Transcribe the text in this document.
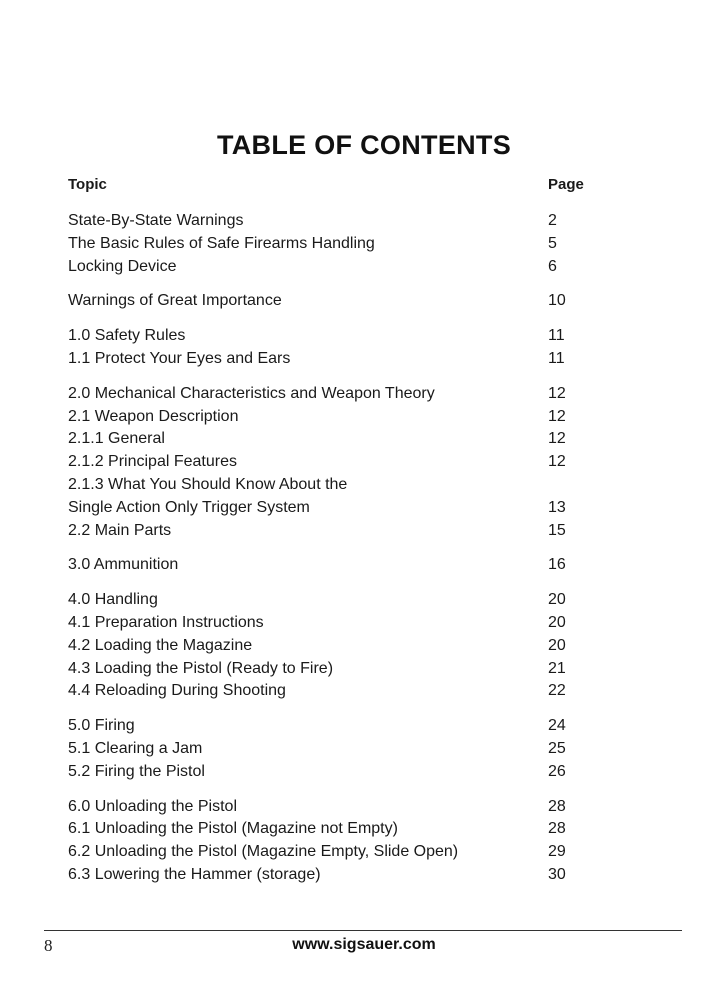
TABLE OF CONTENTS
Topic	Page
State-By-State Warnings	2
The Basic Rules of Safe Firearms Handling	5
Locking Device	6
Warnings of Great Importance	10
1.0 Safety Rules	11
1.1 Protect Your Eyes and Ears	11
2.0 Mechanical Characteristics and Weapon Theory	12
2.1 Weapon Description	12
2.1.1 General	12
2.1.2 Principal Features	12
2.1.3 What You Should Know About the
Single Action Only Trigger System	13
2.2 Main Parts	15
3.0 Ammunition	16
4.0 Handling	20
4.1 Preparation Instructions	20
4.2 Loading the Magazine	20
4.3 Loading the Pistol (Ready to Fire)	21
4.4 Reloading During Shooting	22
5.0 Firing	24
5.1 Clearing a Jam	25
5.2 Firing the Pistol	26
6.0 Unloading the Pistol	28
6.1 Unloading the Pistol (Magazine not Empty)	28
6.2 Unloading the Pistol (Magazine Empty, Slide Open)	29
6.3 Lowering the Hammer (storage)	30
8	www.sigsauer.com
